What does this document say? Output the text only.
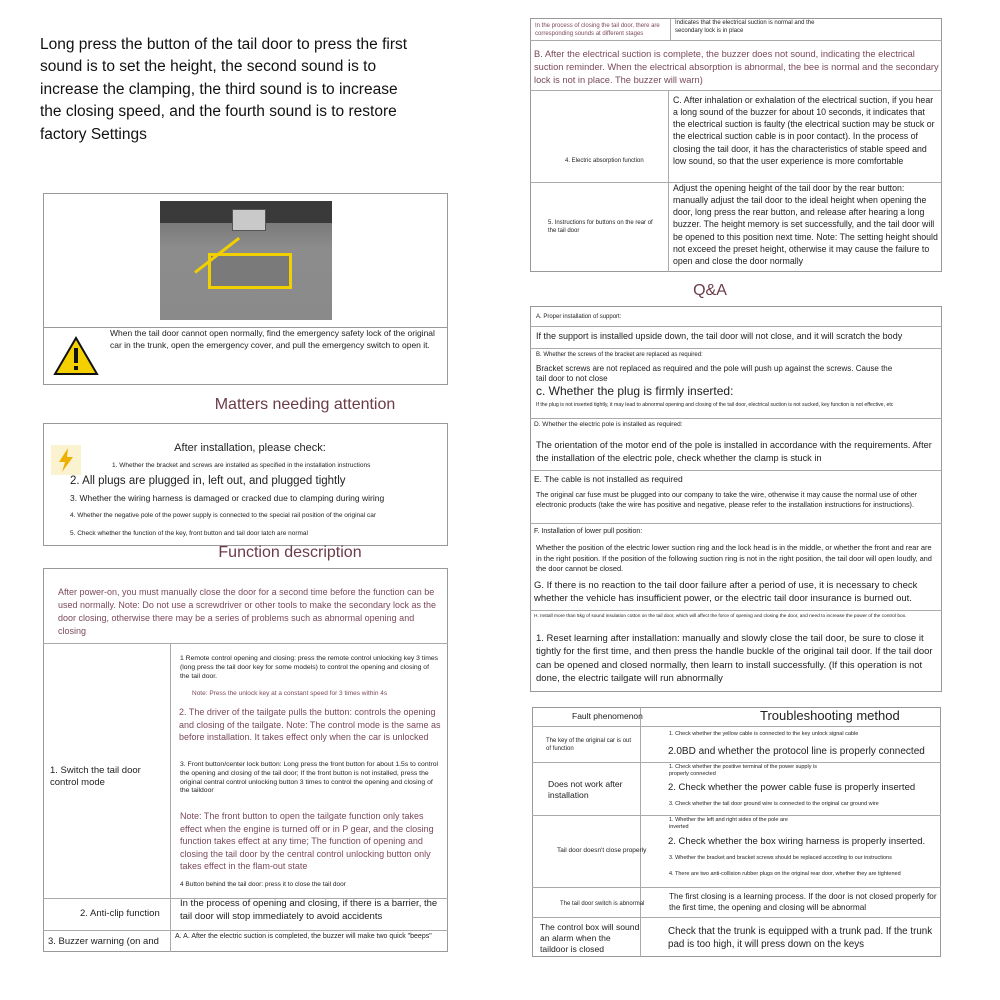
Long press the button of the tail door to press the first sound is to set the height, the second sound is to increase the clamping, the third sound is to increase the closing speed, and the fourth sound is to restore factory Settings
When the tail door cannot open normally, find the emergency safety lock of the original car in the trunk, open the emergency cover, and pull the emergency switch to open it.
Matters needing attention
After installation, please check:
1. Whether the bracket and screws are installed as specified in the installation instructions
2. All plugs are plugged in, left out, and plugged tightly
3. Whether the wiring harness is damaged or cracked due to clamping during wiring
4. Whether the negative pole of the power supply is connected to the special rail position of the original car
5. Check whether the function of the key, front button and tail door latch are normal
Function description
After power-on, you must manually close the door for a second time before the function can be used normally. Note: Do not use a screwdriver or other tools to make the secondary lock as the door closing, otherwise there may be a series of problems such as abnormal opening and closing
1. Switch the tail door control mode
2. Anti-clip function
3. Buzzer warning (on and
1 Remote control opening and closing: press the remote control unlocking key 3 times (long press the tail door key for some models) to control the opening and closing of the tail door.
Note: Press the unlock key at a constant speed for 3 times within 4s
2. The driver of the tailgate pulls the button: controls the opening and closing of the tailgate. Note: The control mode is the same as before installation. It takes effect only when the car is unlocked
3. Front button/center lock button: Long press the front button for about 1.5s to control the opening and closing of the tail door; If the front button is not installed, press the original central control unlocking button 3 times to control the opening and closing of the taildoor
Note: The front button to open the tailgate function only takes effect when the engine is turned off or in P gear, and the closing function takes effect at any time; The function of opening and closing the tail door by the central control unlocking button only takes effect in the flam-out state
4 Button behind the tail door: press it to close the tail door
In the process of opening and closing, if there is a barrier, the tail door will stop immediately to avoid accidents
A. A. After the electric suction is completed, the buzzer will make two quick "beeps"
In the process of closing the tail door, there are corresponding sounds at different stages
Indicates that the electrical suction is normal and the secondary lock is in place
B. After the electrical suction is complete, the buzzer does not sound, indicating the electrical suction reminder. When the electrical absorption is abnormal, the bee is normal and the secondary lock is not in place. The buzzer will warn)
4. Electric absorption function
5. Instructions for buttons on the rear of the tail door
C. After inhalation or exhalation of the electrical suction, if you hear a long sound of the buzzer for about 10 seconds, it indicates that the electrical suction is faulty (the electrical suction may be stuck or the electrical suction cable is in poor contact). In the process of closing the tail door, it has the characteristics of stable speed and low sound, so that the user experience is more comfortable
Adjust the opening height of the tail door by the rear button: manually adjust the tail door to the ideal height when opening the door, long press the rear button, and release after hearing a long buzzer. The height memory is set successfully, and the tail door will be opened to this position next time. Note: The setting height should not exceed the preset height, otherwise it may cause the failure to open and close the door normally
Q&A
A. Proper installation of support:
If the support is installed upside down, the tail door will not close, and it will scratch the body
B. Whether the screws of the bracket are replaced as required:
Bracket screws are not replaced as required and the pole will push up against the screws. Cause the tail door to not close
c. Whether the plug is firmly inserted:
If the plug is not inserted tightly, it may lead to abnormal opening and closing of the tail door, electrical suction is not sucked, key function is not effective, etc
D. Whether the electric pole is installed as required:
The orientation of the motor end of the pole is installed in accordance with the requirements. After the installation of the electric pole, check whether the clamp is stuck in
E. The cable is not installed as required
The original car fuse must be plugged into our company to take the wire, otherwise it may cause the normal use of other electronic products (take the wire has positive and negative, please refer to the installation instructions for instructions).
F. Installation of lower pull position:
Whether the position of the electric lower suction ring and the lock head is in the middle, or whether the front and rear are in the right position. If the position of the following suction ring is not in the right position, the tail door will open loudly, and the door cannot be closed.
G. If there is no reaction to the tail door failure after a period of use, it is necessary to check whether the vehicle has insufficient power, or the electric tail door insurance is burned out.
H. Install more than 5kg of sound insulation cotton on the tail door, which will affect the force of opening and closing the door, and need to increase the power of the control box.
1. Reset learning after installation: manually and slowly close the tail door, be sure to close it tightly for the first time, and then press the handle buckle of the original tail door. If the tail door can be opened and closed normally, then learn to install successfully. (If this operation is not done, the electric tailgate will run abnormally
Fault phenomenon	Troubleshooting method
The key of the original car is out of function
1. Check whether the yellow cable is connected to the key unlock signal cable
2.0BD and whether the protocol line is properly connected
Does not work after installation
1. Check whether the positive terminal of the power supply is properly connected
2. Check whether the power cable fuse is properly inserted
3. Check whether the tail door ground wire is connected to the original car ground wire
Tail door doesn't close properly
1. Whether the left and right sides of the pole are inverted
2. Check whether the box wiring harness is properly inserted.
3. Whether the bracket and bracket screws should be replaced according to our instructions
4. There are two anti-collision rubber plugs on the original rear door, whether they are tightened
The tail door switch is abnormal
The first closing is a learning process. If the door is not closed properly for the first time, the opening and closing will be abnormal
The control box will sound an alarm when the taildoor is closed
Check that the trunk is equipped with a trunk pad. If the trunk pad is too high, it will press down on the keys
